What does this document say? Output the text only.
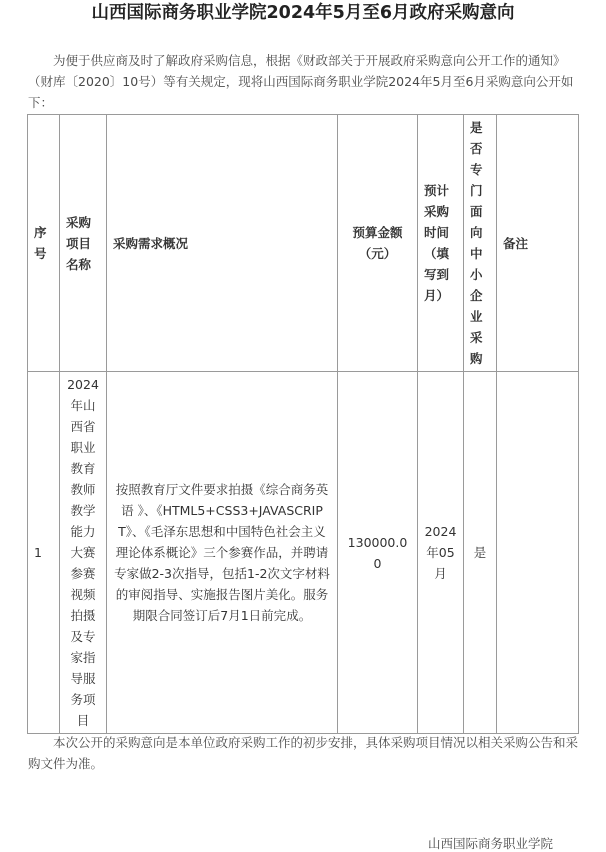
山西国际商务职业学院2024年5月至6月政府采购意向

为便于供应商及时了解政府采购信息，根据《财政部关于开展政府采购意向公开工作的通知》（财库〔2020〕10号）等有关规定，现将山西国际商务职业学院2024年5月至6月采购意向公开如下：

序号	采购项目名称	采购需求概况	预算金额（元）	预计采购时间（填写到月）	是否专门面向中小企业采购	备注
1	2024年山西省职业教育教师教学能力大赛参赛视频拍摄及专家指导服务项目	按照教育厅文件要求拍摄《综合商务英语 》、《HTML5+CSS3+JAVASCRIPT》、《毛泽东思想和中国特色社会主义理论体系概论》三个参赛作品，并聘请专家做2-3次指导，包括1-2次文字材料的审阅指导、实施报告图片美化。服务期限合同签订后7月1日前完成。	130000.00	2024年05月	是	

本次公开的采购意向是本单位政府采购工作的初步安排，具体采购项目情况以相关采购公告和采购文件为准。

山西国际商务职业学院
